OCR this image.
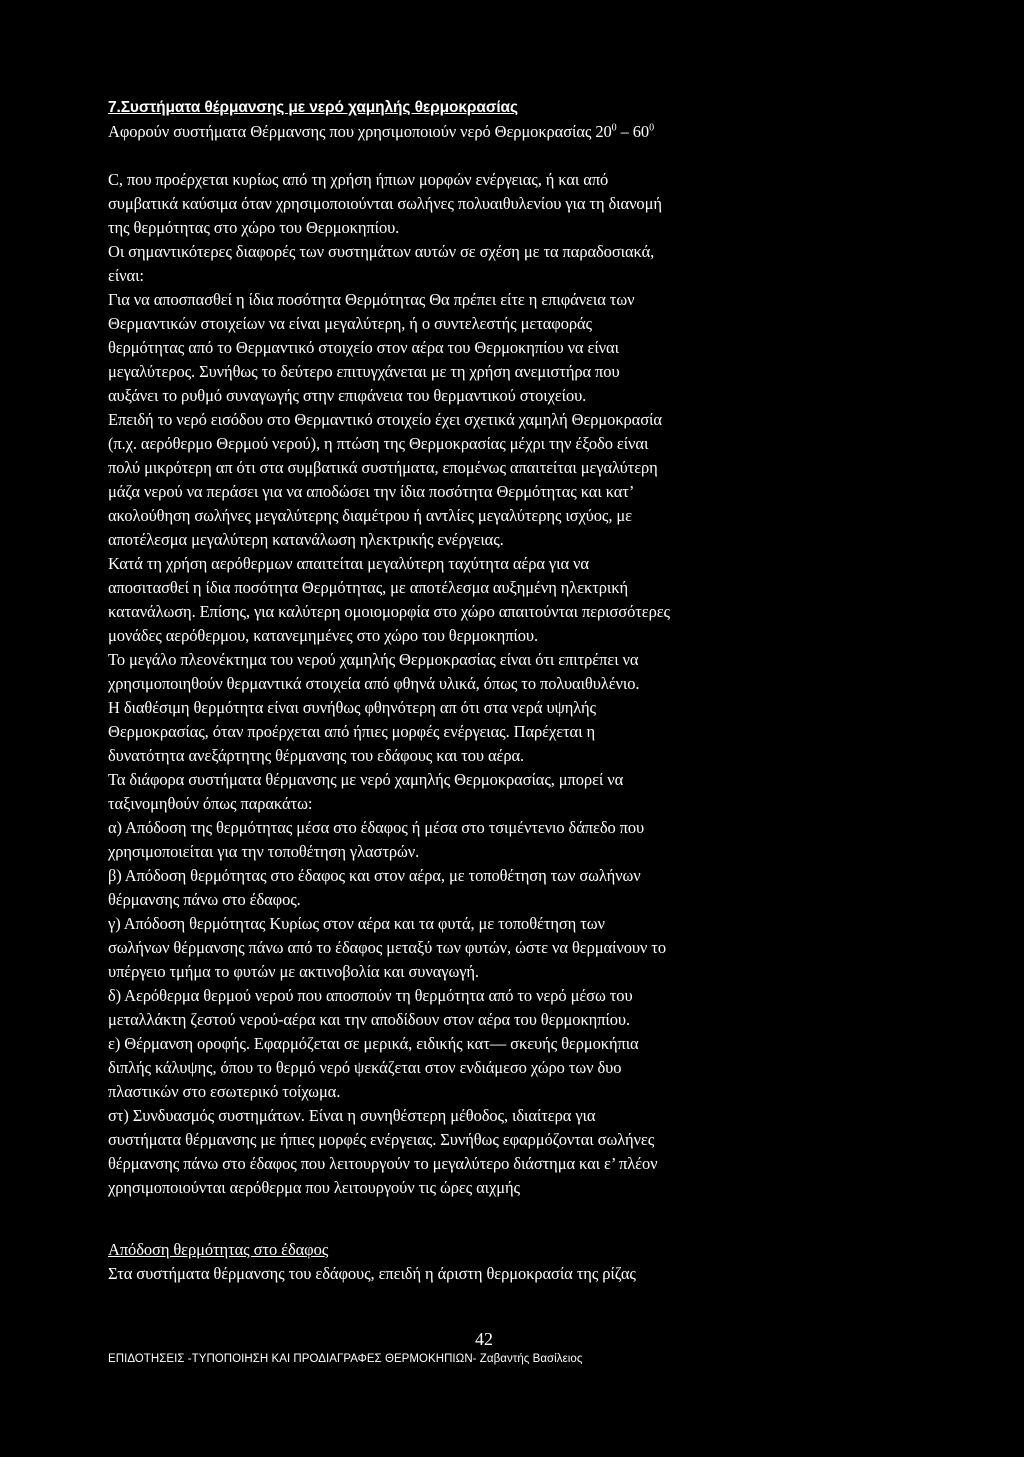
7.Συστήματα θέρμανσης με νερό χαμηλής θερμοκρασίας
Αφορούν συστήματα Θέρμανσης που χρησιμοποιούν νερό Θερμοκρασίας $20^0 - 60^0$
C, που προέρχεται κυρίως από τη χρήση ήπιων μορφών ενέργειας, ή και από
συμβατικά καύσιμα όταν χρησιμοποιούνται σωλήνες πολυαιθυλενίου για τη διανομή
της θερμότητας στο χώρο του Θερμοκηπίου.
Οι σημαντικότερες διαφορές των συστημάτων αυτών σε σχέση με τα παραδοσιακά,
είναι:
Για να αποσπασθεί η ίδια ποσότητα Θερμότητας Θα πρέπει είτε η επιφάνεια των
Θερμαντικών στοιχείων να είναι μεγαλύτερη, ή ο συντελεστής μεταφοράς
θερμότητας από το Θερμαντικό στοιχείο στον αέρα του Θερμοκηπίου να είναι
μεγαλύτερος. Συνήθως το δεύτερο επιτυγχάνεται με τη χρήση ανεμιστήρα που
αυξάνει το ρυθμό συναγωγής στην επιφάνεια του θερμαντικού στοιχείου.
Επειδή το νερό εισόδου στο Θερμαντικό στοιχείο έχει σχετικά χαμηλή Θερμοκρασία
(π.χ. αερόθερμο Θερμού νερού), η πτώση της Θερμοκρασίας μέχρι την έξοδο είναι
πολύ μικρότερη απ ότι στα συμβατικά συστήματα, επομένως απαιτείται μεγαλύτερη
μάζα νερού να περάσει για να αποδώσει την ίδια ποσότητα Θερμότητας και κατ’
ακολούθηση σωλήνες μεγαλύτερης διαμέτρου ή αντλίες μεγαλύτερης ισχύος, με
αποτέλεσμα μεγαλύτερη κατανάλωση ηλεκτρικής ενέργειας.
Κατά τη χρήση αερόθερμων απαιτείται μεγαλύτερη ταχύτητα αέρα για να
αποσιτασθεί η ίδια ποσότητα Θερμότητας, με αποτέλεσμα αυξημένη ηλεκτρική
κατανάλωση. Επίσης, για καλύτερη ομοιομορφία στο χώρο απαιτούνται περισσότερες
μονάδες αερόθερμου, κατανεμημένες στο χώρο του θερμοκηπίου.
Το μεγάλο πλεονέκτημα του νερού χαμηλής Θερμοκρασίας είναι ότι επιτρέπει να
χρησιμοποιηθούν θερμαντικά στοιχεία από φθηνά υλικά, όπως το πολυαιθυλένιο.
Η διαθέσιμη θερμότητα είναι συνήθως φθηνότερη απ ότι στα νερά υψηλής
Θερμοκρασίας, όταν προέρχεται από ήπιες μορφές ενέργειας. Παρέχεται η
δυνατότητα ανεξάρτητης θέρμανσης του εδάφους και του αέρα.
Τα διάφορα συστήματα θέρμανσης με νερό χαμηλής Θερμοκρασίας, μπορεί να
ταξινομηθούν όπως παρακάτω:
α) Απόδοση της θερμότητας μέσα στο έδαφος ή μέσα στο τσιμέντενιο δάπεδο που
χρησιμοποιείται για την τοποθέτηση γλαστρών.
β) Απόδοση θερμότητας στο έδαφος και στον αέρα, με τοποθέτηση των σωλήνων
θέρμανσης πάνω στο έδαφος.
γ) Απόδοση θερμότητας Κυρίως στον αέρα και τα φυτά, με τοποθέτηση των
σωλήνων θέρμανσης πάνω από το έδαφος μεταξύ των φυτών, ώστε να θερμαίνουν το
υπέργειο τμήμα το φυτών με ακτινοβολία και συναγωγή.
δ) Αερόθερμα θερμού νερού που αποσπούν τη θερμότητα από το νερό μέσω του
μεταλλάκτη ζεστού νερού-αέρα και την αποδίδουν στον αέρα του θερμοκηπίου.
ε) Θέρμανση οροφής. Εφαρμόζεται σε μερικά, ειδικής κατ— σκευής θερμοκήπια
διπλής κάλυψης, όπου το θερμό νερό ψεκάζεται στον ενδιάμεσο χώρο των δυο
πλαστικών στο εσωτερικό τοίχωμα.
στ) Συνδυασμός συστημάτων. Είναι η συνηθέστερη μέθοδος, ιδιαίτερα για
συστήματα θέρμανσης με ήπιες μορφές ενέργειας. Συνήθως εφαρμόζονται σωλήνες
θέρμανσης πάνω στο έδαφος που λειτουργούν το μεγαλύτερο διάστημα και ε’ πλέον
χρησιμοποιούνται αερόθερμα που λειτουργούν τις ώρες αιχμής
Απόδοση θερμότητας στο έδαφος
Στα συστήματα θέρμανσης του εδάφους, επειδή η άριστη θερμοκρασία της ρίζας
42
ΕΠΙΔΟΤΗΣΕΙΣ -ΤΥΠΟΠΟΙΗΣΗ ΚΑΙ ΠΡΟΔΙΑΓΡΑΦΕΣ ΘΕΡΜΟΚΗΠΙΩΝ- Ζαβαντής Βασίλειος
